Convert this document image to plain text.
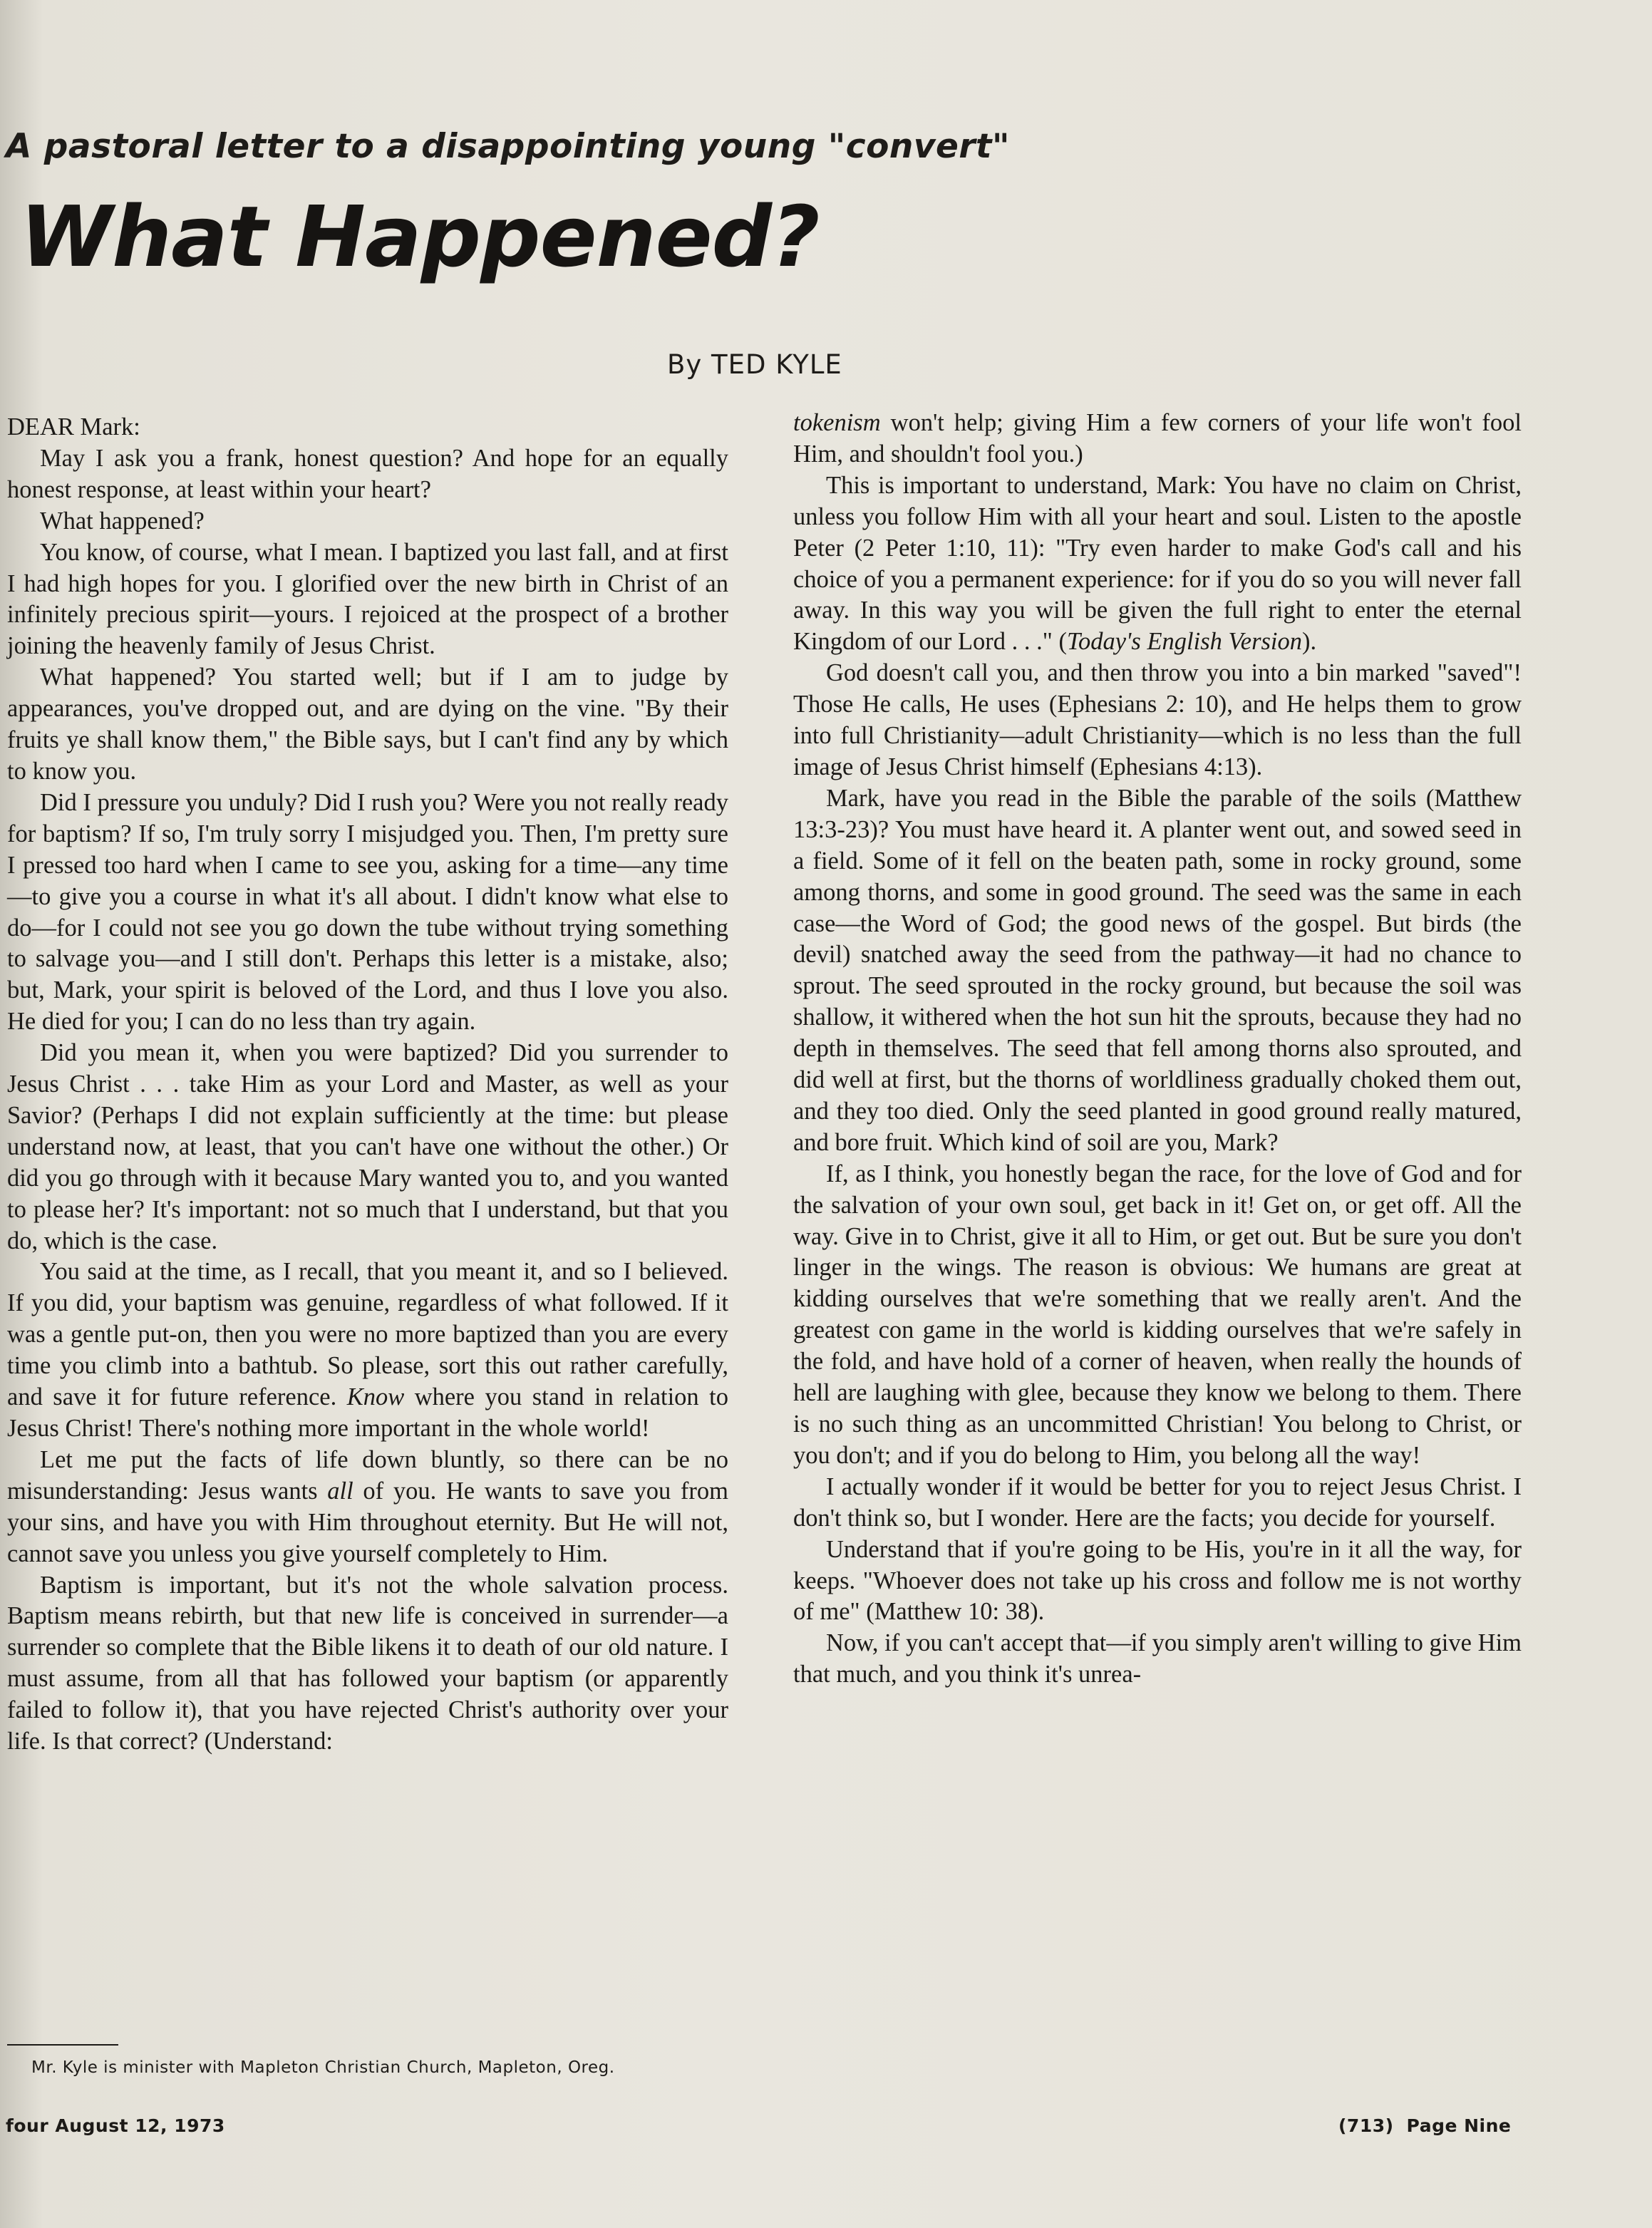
A pastoral letter to a disappointing young "convert"
What Happened?

By TED KYLE

DEAR Mark:

May I ask you a frank, honest question? And hope for an equally honest response, at least within your heart?

What happened?

You know, of course, what I mean. I baptized you last fall, and at first I had high hopes for you. I glorified over the new birth in Christ of an infinitely precious spirit—yours. I rejoiced at the prospect of a brother joining the heavenly family of Jesus Christ.

What happened? You started well; but if I am to judge by appearances, you've dropped out, and are dying on the vine. "By their fruits ye shall know them," the Bible says, but I can't find any by which to know you.

Did I pressure you unduly? Did I rush you? Were you not really ready for baptism? If so, I'm truly sorry I misjudged you. Then, I'm pretty sure I pressed too hard when I came to see you, asking for a time—any time—to give you a course in what it's all about. I didn't know what else to do—for I could not see you go down the tube without trying something to salvage you—and I still don't. Perhaps this letter is a mistake, also; but, Mark, your spirit is beloved of the Lord, and thus I love you also. He died for you; I can do no less than try again.

Did you mean it, when you were baptized? Did you surrender to Jesus Christ . . . take Him as your Lord and Master, as well as your Savior? (Perhaps I did not explain sufficiently at the time: but please understand now, at least, that you can't have one without the other.) Or did you go through with it because Mary wanted you to, and you wanted to please her? It's important: not so much that I understand, but that you do, which is the case.

You said at the time, as I recall, that you meant it, and so I believed. If you did, your baptism was genuine, regardless of what followed. If it was a gentle put-on, then you were no more baptized than you are every time you climb into a bathtub. So please, sort this out rather carefully, and save it for future reference. Know where you stand in relation to Jesus Christ! There's nothing more important in the whole world!

Let me put the facts of life down bluntly, so there can be no misunderstanding: Jesus wants all of you. He wants to save you from your sins, and have you with Him throughout eternity. But He will not, cannot save you unless you give yourself completely to Him.

Baptism is important, but it's not the whole salvation process. Baptism means rebirth, but that new life is conceived in surrender—a surrender so complete that the Bible likens it to death of our old nature. I must assume, from all that has followed your baptism (or apparently failed to follow it), that you have rejected Christ's authority over your life. Is that correct? (Understand:

tokenism won't help; giving Him a few corners of your life won't fool Him, and shouldn't fool you.)

This is important to understand, Mark: You have no claim on Christ, unless you follow Him with all your heart and soul. Listen to the apostle Peter (2 Peter 1:10, 11): "Try even harder to make God's call and his choice of you a permanent experience: for if you do so you will never fall away. In this way you will be given the full right to enter the eternal Kingdom of our Lord . . ." (Today's English Version).

God doesn't call you, and then throw you into a bin marked "saved"! Those He calls, He uses (Ephesians 2: 10), and He helps them to grow into full Christianity—adult Christianity—which is no less than the full image of Jesus Christ himself (Ephesians 4:13).

Mark, have you read in the Bible the parable of the soils (Matthew 13:3-23)? You must have heard it. A planter went out, and sowed seed in a field. Some of it fell on the beaten path, some in rocky ground, some among thorns, and some in good ground. The seed was the same in each case—the Word of God; the good news of the gospel. But birds (the devil) snatched away the seed from the pathway—it had no chance to sprout. The seed sprouted in the rocky ground, but because the soil was shallow, it withered when the hot sun hit the sprouts, because they had no depth in themselves. The seed that fell among thorns also sprouted, and did well at first, but the thorns of worldliness gradually choked them out, and they too died. Only the seed planted in good ground really matured, and bore fruit. Which kind of soil are you, Mark?

If, as I think, you honestly began the race, for the love of God and for the salvation of your own soul, get back in it! Get on, or get off. All the way. Give in to Christ, give it all to Him, or get out. But be sure you don't linger in the wings. The reason is obvious: We humans are great at kidding ourselves that we're something that we really aren't. And the greatest con game in the world is kidding ourselves that we're safely in the fold, and have hold of a corner of heaven, when really the hounds of hell are laughing with glee, because they know we belong to them. There is no such thing as an uncommitted Christian! You belong to Christ, or you don't; and if you do belong to Him, you belong all the way!

I actually wonder if it would be better for you to reject Jesus Christ. I don't think so, but I wonder. Here are the facts; you decide for yourself.

Understand that if you're going to be His, you're in it all the way, for keeps. "Whoever does not take up his cross and follow me is not worthy of me" (Matthew 10: 38).

Now, if you can't accept that—if you simply aren't willing to give Him that much, and you think it's unrea-

Mr. Kyle is minister with Mapleton Christian Church, Mapleton, Oreg.
four August 12, 1973	(713) Page Nine
